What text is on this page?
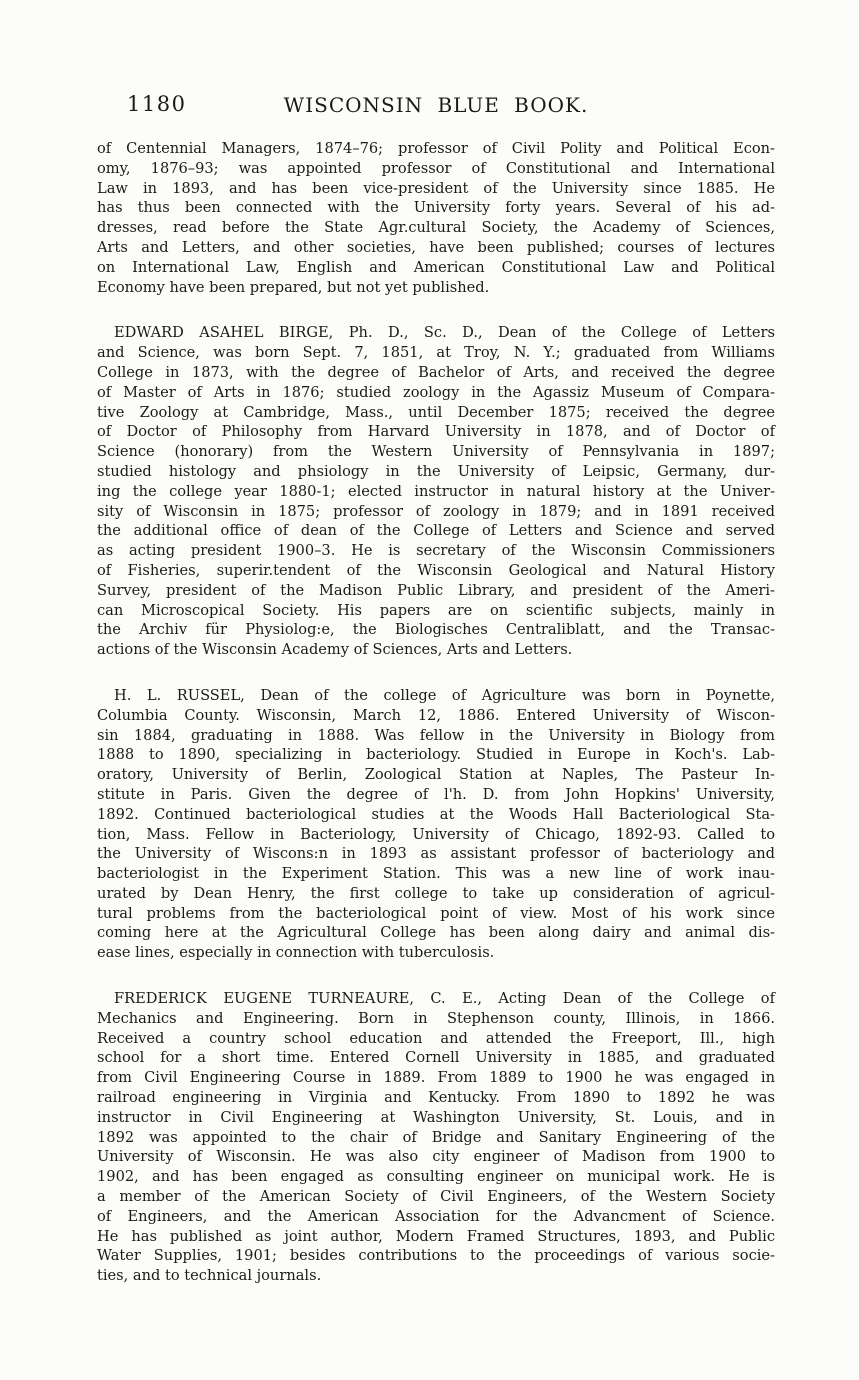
1180	WISCONSIN BLUE BOOK.

of Centennial Managers, 1874–76; professor of Civil Polity and Political Econ-
omy, 1876–93; was appointed professor of Constitutional and International
Law in 1893, and has been vice-president of the University since 1885. He
has thus been connected with the University forty years. Several of his ad-
dresses, read before the State Agr.cultural Society, the Academy of Sciences,
Arts and Letters, and other societies, have been published; courses of lectures
on International Law, English and American Constitutional Law and Political
Economy have been prepared, but not yet published.

EDWARD ASAHEL BIRGE, Ph. D., Sc. D., Dean of the College of Letters
and Science, was born Sept. 7, 1851, at Troy, N. Y.; graduated from Williams
College in 1873, with the degree of Bachelor of Arts, and received the degree
of Master of Arts in 1876; studied zoology in the Agassiz Museum of Compara-
tive Zoology at Cambridge, Mass., until December 1875; received the degree
of Doctor of Philosophy from Harvard University in 1878, and of Doctor of
Science (honorary) from the Western University of Pennsylvania in 1897;
studied histology and phsiology in the University of Leipsic, Germany, dur-
ing the college year 1880-1; elected instructor in natural history at the Univer-
sity of Wisconsin in 1875; professor of zoology in 1879; and in 1891 received
the additional office of dean of the College of Letters and Science and served
as acting president 1900–3. He is secretary of the Wisconsin Commissioners
of Fisheries, superir.tendent of the Wisconsin Geological and Natural History
Survey, president of the Madison Public Library, and president of the Ameri-
can Microscopical Society. His papers are on scientific subjects, mainly in
the Archiv für Physiolog:e, the Biologisches Centraliblatt, and the Transac-
actions of the Wisconsin Academy of Sciences, Arts and Letters.

H. L. RUSSEL, Dean of the college of Agriculture was born in Poynette,
Columbia County. Wisconsin, March 12, 1886. Entered University of Wiscon-
sin 1884, graduating in 1888. Was fellow in the University in Biology from
1888 to 1890, specializing in bacteriology. Studied in Europe in Koch's. Lab-
oratory, University of Berlin, Zoological Station at Naples, The Pasteur In-
stitute in Paris. Given the degree of l'h. D. from John Hopkins' University,
1892. Continued bacteriological studies at the Woods Hall Bacteriological Sta-
tion, Mass. Fellow in Bacteriology, University of Chicago, 1892-93. Called to
the University of Wiscons:n in 1893 as assistant professor of bacteriology and
bacteriologist in the Experiment Station. This was a new line of work inau-
urated by Dean Henry, the first college to take up consideration of agricul-
tural problems from the bacteriological point of view. Most of his work since
coming here at the Agricultural College has been along dairy and animal dis-
ease lines, especially in connection with tuberculosis.

FREDERICK EUGENE TURNEAURE, C. E., Acting Dean of the College of
Mechanics and Engineering. Born in Stephenson county, Illinois, in 1866.
Received a country school education and attended the Freeport, Ill., high
school for a short time. Entered Cornell University in 1885, and graduated
from Civil Engineering Course in 1889. From 1889 to 1900 he was engaged in
railroad engineering in Virginia and Kentucky. From 1890 to 1892 he was
instructor in Civil Engineering at Washington University, St. Louis, and in
1892 was appointed to the chair of Bridge and Sanitary Engineering of the
University of Wisconsin. He was also city engineer of Madison from 1900 to
1902, and has been engaged as consulting engineer on municipal work. He is
a member of the American Society of Civil Engineers, of the Western Society
of Engineers, and the American Association for the Advancment of Science.
He has published as joint author, Modern Framed Structures, 1893, and Public
Water Supplies, 1901; besides contributions to the proceedings of various socie-
ties, and to technical journals.
